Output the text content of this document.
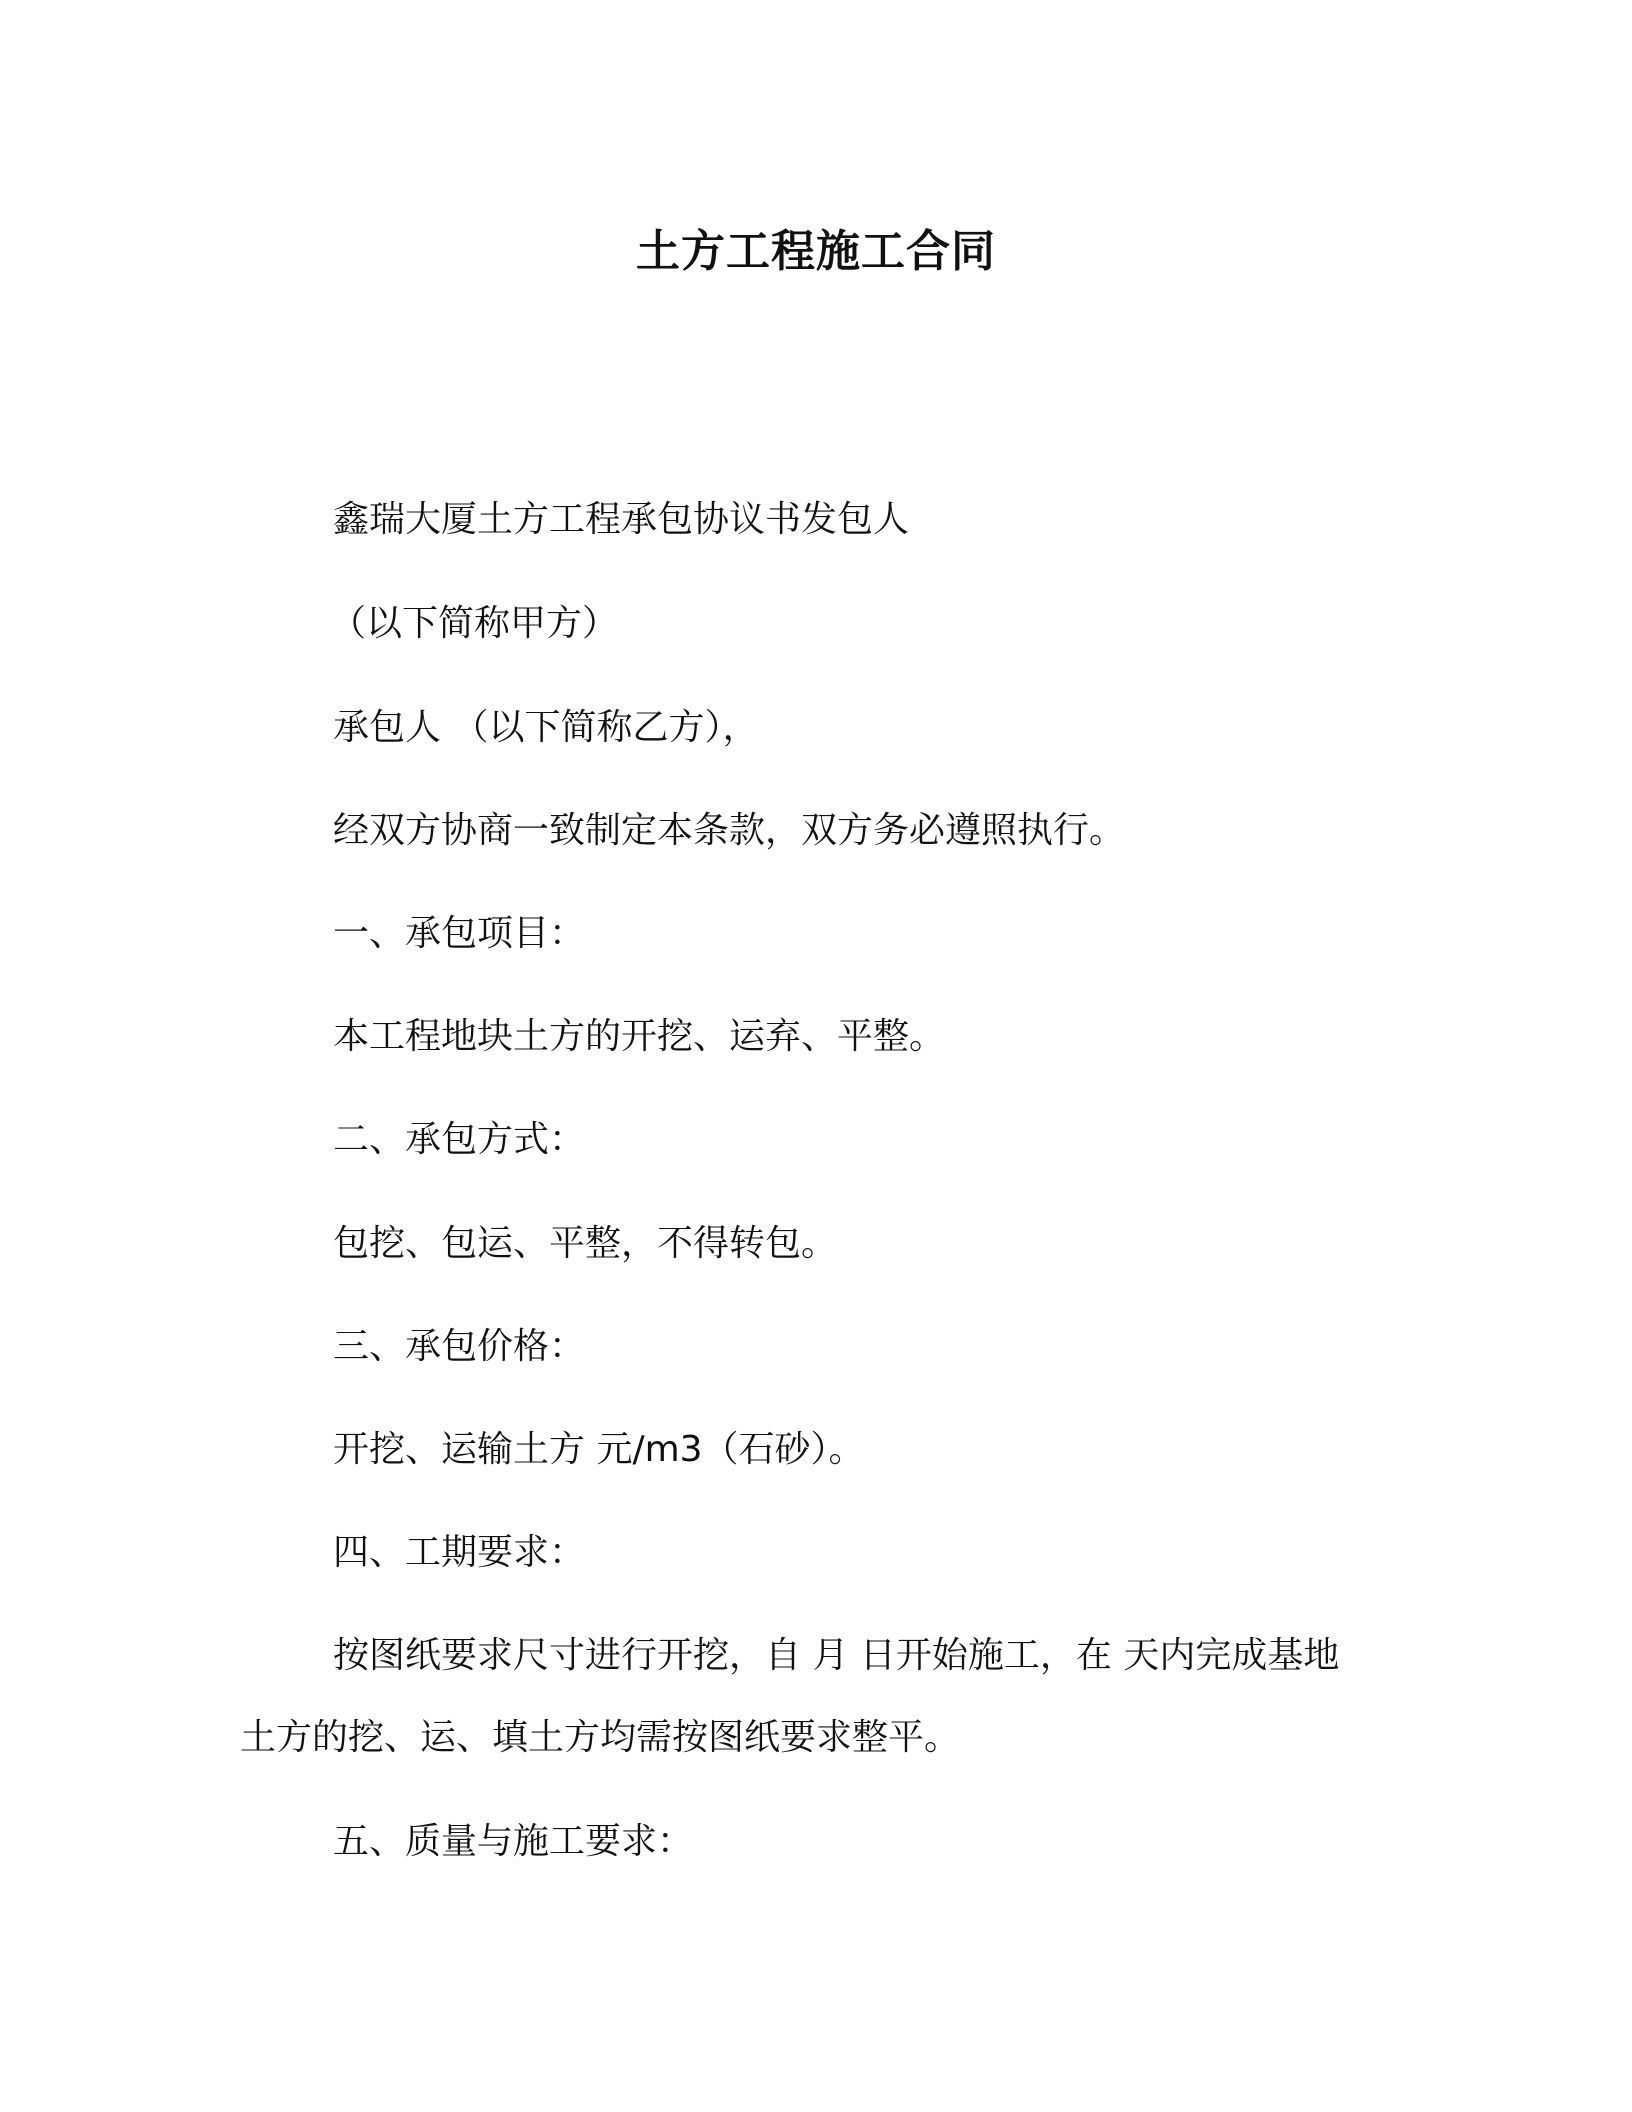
土方工程施工合同
鑫瑞大厦土方工程承包协议书发包人
（以下简称甲方）
承包人 （以下简称乙方），
经双方协商一致制定本条款，双方务必遵照执行。
一、承包项目：
本工程地块土方的开挖、运弃、平整。
二、承包方式：
包挖、包运、平整，不得转包。
三、承包价格：
开挖、运输土方 元/m3（石砂）。
四、工期要求：
按图纸要求尺寸进行开挖，自 月 日开始施工，在 天内完成基地
土方的挖、运、填土方均需按图纸要求整平。
五、质量与施工要求：
